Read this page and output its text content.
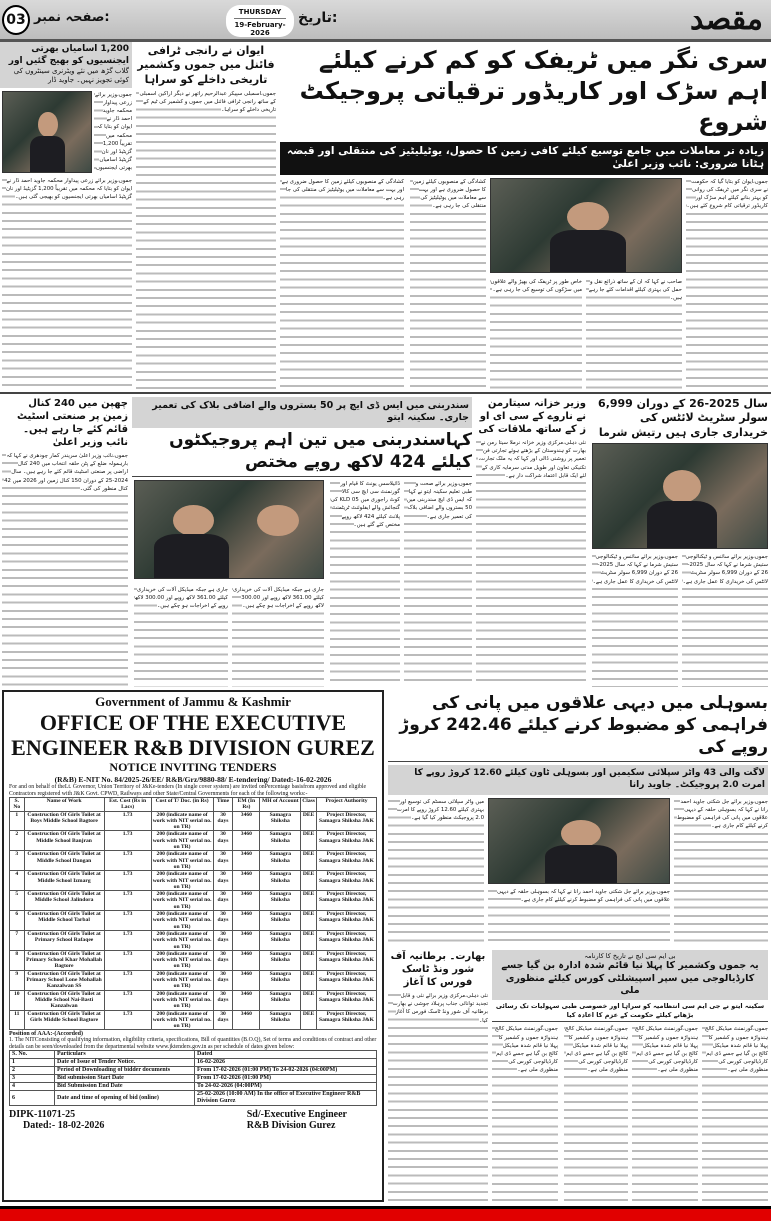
مقصد
تاریخ:
THURSDAY
19-February-2026
03 صفحہ نمبر:
سری نگر میں ٹریفک کو کم کرنے کیلئے اہم سڑک اور کاریڈور ترقیاتی پروجیکٹ شروع
زیادہ تر معاملات میں جامع توسیع کیلئے کافی زمین کا حصول، یوٹیلیٹیز کی منتقلی اور قبضہ ہٹانا ضروری: نائب وزیر اعلیٰ
جموں،ایوان کو بتایا گیا کہ حکومت نے سری نگر میں ٹریفک کی روانی کو بہتر بنانے کیلئے اہم سڑک اور کاریڈور ترقیاتی کام شروع کئے ہیں۔
صاحب نے کہا کہ ان کے ساتھ ذرائع نقل و حمل کی بہتری کیلئے اقدامات کئے جا رہے ہیں۔
خاص طور پر ٹریفک کی بھیڑ والے علاقوں میں سڑکوں کی توسیع کی جا رہی ہے۔
کشادگی کے منصوبوں کیلئے زمین کا حصول ضروری ہے اور بہت سے معاملات میں یوٹیلیٹیز کی منتقلی کی جا رہی ہے۔
کشادگی کے منصوبوں کیلئے زمین کا حصول ضروری ہے اور بہت سے معاملات میں یوٹیلیٹیز کی منتقلی کی جا رہی ہے۔
ایوان نے رانجی ٹرافی فائنل میں جموں وکشمیر تاریخی داخلے کو سراہا
جموں،اسمبلی سپیکر عبدالرحیم راتھر نے دیگر اراکین اسمبلی کے ساتھ رانجی ٹرافی فائنل میں جموں و کشمیر کی ٹیم کے تاریخی داخلے کو سراہا۔
1,200 اسامیاں بھرتی ایجنسیوں کو بھیج گئیں اور
گلاب گڑھ میں نئے ویٹرنری سینٹروں کی کوئی تجویز نہیں۔ جاوید ڈار
جموں،وزیر برائے زرعی پیداوار محکمہ جاوید احمد ڈار نے ایوان کو بتایا کہ محکمہ میں تقریباً 1,200 گزیٹیڈ اور نان گزیٹیڈ اسامیاں بھرتی ایجنسیوں
جموں،وزیر برائے زرعی پیداوار محکمہ جاوید احمد ڈار نے ایوان کو بتایا کہ محکمہ میں تقریباً 1,200 گزیٹیڈ اور نان گزیٹیڈ اسامیاں بھرتی ایجنسیوں کو بھیجی گئی ہیں۔
سال 2025-26 کے دوران 6,999 سولر سٹریٹ لائٹس کی خریداری جاری ہیں رتیش شرما
جموں،وزیر برائے سائنس و ٹیکنالوجی ستیش شرما نے کہا کہ سال 2025-26 کے دوران 6,999 سولر سٹریٹ لائٹس کی خریداری کا عمل جاری ہے۔
جموں،وزیر برائے سائنس و ٹیکنالوجی ستیش شرما نے کہا کہ سال 2025-26 کے دوران 6,999 سولر سٹریٹ لائٹس کی خریداری کا عمل جاری ہے۔
وزیر خزانہ سیتارمن نے ناروے کے سی ای او ز کے ساتھ ملاقات کی
نئی دہلی،مرکزی وزیر خزانہ نرملا سیتا رمن نے بھارت کو ہندوستان کے بڑھتے ہوئے تجارتی فن تعمیر پر روشنی ڈالی اور کہا کہ یہ ملک تجارت، تکنیکی تعاون اور طویل مدتی سرمایہ کاری کے لئے ایک قابل اعتماد شراکت دار ہے۔
سندربنی میں ایس ڈی ایچ پر 50 بستروں والے اضافی بلاک کی تعمیر جاری۔ سکینہ ایتو
کہاسندربنی میں تین اہم پروجیکٹوں کیلئے 424 لاکھ روپے مختص
جموں،وزیر برائے صحت و طبی تعلیم سکینہ ایتو نے کہا کہ ایس ڈی ایچ سندربنی میں 50 بستروں والے اضافی بلاک کی تعمیر جاری ہے۔
ڈائیلاسس یونٹ کا قیام اور گورنمنٹ سی ایچ سی کالا کوٹ راجوری میں 05 KLD کی گنجائش والے ایفلوئنٹ ٹریٹمنٹ پلانٹ کیلئے 424 لاکھ روپے مختص کئے گئے ہیں۔
جاری ہے جبکہ میڈیکل آلات کی خریداری کیلئے 361.00 لاکھ روپے اور 300.00 لاکھ روپے کے اخراجات ہو چکے ہیں۔
جاری ہے جبکہ میڈیکل آلات کی خریداری کیلئے 361.00 لاکھ روپے اور 300.00 لاکھ روپے کے اخراجات ہو چکے ہیں۔
چھپن میں 240 کنال زمین پر صنعتی اسٹیٹ قائم کئے جا رہے ہیں۔ نائب وزیر اعلیٰ
جموں،نائب وزیر اعلیٰ سریندر کمار چودھری نے کہا کہ بارہمولہ ضلع کے پٹن حلقہ انتخاب میں 240 کنال اراضی پر صنعتی اسٹیٹ قائم کئے جا رہے ہیں۔ سال 2024-25 کے دوران 150 کنال زمین اور 2026 میں 42 کنال منظور کی گئی۔
Government of Jammu & Kashmir
OFFICE OF THE EXECUTIVE
ENGINEER R&B DIVISION GUREZ
NOTICE INVITING TENDERS
(R&B) E-NIT No. 84/2025-26/EE/ R&B/Grz/9880-88/ E-tendering/ Dated:-16-02-2026
For and on behalf of theLt. Governor, Union Territory of J&Ke-tenders (In single cover system) are invited onPercentage basisfrom approved and eligible Contractors registered with J&K Govt. CPWD, Railways and other State/Central Governments for each of the following works:-
S. No	Name of Work	Est. Cost (Rs in Lacs)	Cost of T/ Doc. (in Rs)	Time	EM (In Rs)	MH of Account	Class	Project Authority
1	Construction Of Girls Toilet at Boys Middle School Bagtore	1.73	200 (indicate name of work with NIT serial no. on TR)	30 days	3460	Samagra Shiksha	DEE	Project Director, Samagra Shiksha J&K
2	Construction Of Girls Toilet at Middle School Banjran	1.73	200 (indicate name of work with NIT serial no. on TR)	30 days	3460	Samagra Shiksha	DEE	Project Director, Samagra Shiksha J&K
3	Construction Of Girls Toilet at Middle School Dangan	1.73	200 (indicate name of work with NIT serial no. on TR)	30 days	3460	Samagra Shiksha	DEE	Project Director, Samagra Shiksha J&K
4	Construction Of Girls Toilet at Middle School Izmarg	1.73	200 (indicate name of work with NIT serial no. on TR)	30 days	3460	Samagra Shiksha	DEE	Project Director, Samagra Shiksha J&K
5	Construction Of Girls Toilet at Middle School Jalindora	1.73	200 (indicate name of work with NIT serial no. on TR)	30 days	3460	Samagra Shiksha	DEE	Project Director, Samagra Shiksha J&K
6	Construction Of Girls Toilet at Middle School Tarbal	1.73	200 (indicate name of work with NIT serial no. on TR)	30 days	3460	Samagra Shiksha	DEE	Project Director, Samagra Shiksha J&K
7	Construction Of Girls Toilet at Primary School Rafaqee	1.73	200 (indicate name of work with NIT serial no. on TR)	30 days	3460	Samagra Shiksha	DEE	Project Director, Samagra Shiksha J&K
8	Construction Of Girls Toilet at Primary School Khar Mohallah Bagtore	1.73	200 (indicate name of work with NIT serial no. on TR)	30 days	3460	Samagra Shiksha	DEE	Project Director, Samagra Shiksha J&K
9	Construction Of Girls Toilet at Primary School Lone Mohallah Kanzalwan SS	1.73	200 (indicate name of work with NIT serial no. on TR)	30 days	3460	Samagra Shiksha	DEE	Project Director, Samagra Shiksha J&K
10	Construction Of Girls Toilet at Middle School Nai-Basti Kanzalwan	1.73	200 (indicate name of work with NIT serial no. on TR)	30 days	3460	Samagra Shiksha	DEE	Project Director, Samagra Shiksha J&K
11	Construction Of Girls Toilet at Girls Middle School Bagtore	1.73	200 (indicate name of work with NIT serial no. on TR)	30 days	3460	Samagra Shiksha	DEE	Project Director, Samagra Shiksha J&K
Position of AAA:-(Accorded)
1. The NITConsisting of qualifying information, eligibility criteria, specifications, Bill of quantities (B.O.Q), Set of terms and conditions of contract and other details can be seen/downloaded from the departmental website www.jktenders.gov.in as per schedule of dates given below:
S. No.	Particulars	Dated
1	Date of Issue of Tender Notice.	16-02-2026
2	Period of Downloading of bidder documents	From 17-02-2026 (01:00 PM) To 24-02-2026 (04:00PM)
3	Bid submission Start Date	From 17-02-2026 (01:00 PM)
4	Bid Submission End Date	To 24-02-2026 (04:00PM)
6	Date and time of opening of bid (online)	25-02-2026 (10:00 AM) In the office of Executive Engineer R&B Division Gurez
DIPK-11071-25
Dated:- 18-02-2026
Sd/-Executive Engineer
R&B Division Gurez
بسوہلی میں دیہی علاقوں میں پانی کی فراہمی کو مضبوط کرنے کیلئے 242.46 کروڑ روپے کی
لاگت والی 43 واٹر سپلائی سکیمیں اور بسوہلی ٹاون کیلئے 12.60 کروڑ روپے کا امرت 2.0 پروجیکٹ۔ جاوید رانا
جموں،وزیر برائے جل شکتی جاوید احمد رانا نے کہا کہ بسوہلی حلقہ کے دیہی علاقوں میں پانی کی فراہمی کو مضبوط کرنے کیلئے کام جاری ہے۔
میں واٹر سپلائی سسٹم کی توسیع اور بہتری کیلئے 12.60 کروڑ روپے کا امرت 2.0 پروجیکٹ منظور کیا گیا ہے۔
جموں،وزیر برائے جل شکتی جاوید احمد رانا نے کہا کہ بسوہلی حلقہ کے دیہی علاقوں میں پانی کی فراہمی کو مضبوط کرنے کیلئے کام جاری ہے۔
بھارت۔ برطانیہ آف شور ونڈ ٹاسک فورس کا آغاز
نئی دہلی،مرکزی وزیر برائے نئی و قابل تجدید توانائی جناب پرہلاد جوشی نے بھارت برطانیہ آف شور ونڈ ٹاسک فورس کا آغاز کیا۔
بی ایم سی ایچ نے تاریخ کا کارنامہ
یہ جموں وکشمیر کا پہلا نیا قائم شدہ ادارہ بن گیا جسے کارڈیالوجی میں سپر اسپیشلٹی کورس کیلئے منظوری ملی
سکینہ ایتو نے جی ایم سی انتظامیہ کو سراہا اور خصوصی طبی سہولیات تک رسائی بڑھانے کیلئے حکومت کے عزم کا اعادہ کیا
جموں،گورنمنٹ میڈیکل کالج ہندواڑہ جموں و کشمیر کا پہلا نیا قائم شدہ میڈیکل کالج بن گیا ہے جسے ڈی ایم کارڈیالوجی کورس کی منظوری ملی ہے۔
جموں،گورنمنٹ میڈیکل کالج ہندواڑہ جموں و کشمیر کا پہلا نیا قائم شدہ میڈیکل کالج بن گیا ہے جسے ڈی ایم کارڈیالوجی کورس کی منظوری ملی ہے۔
جموں،گورنمنٹ میڈیکل کالج ہندواڑہ جموں و کشمیر کا پہلا نیا قائم شدہ میڈیکل کالج بن گیا ہے جسے ڈی ایم کارڈیالوجی کورس کی منظوری ملی ہے۔
جموں،گورنمنٹ میڈیکل کالج ہندواڑہ جموں و کشمیر کا پہلا نیا قائم شدہ میڈیکل کالج بن گیا ہے جسے ڈی ایم کارڈیالوجی کورس کی منظوری ملی ہے۔
